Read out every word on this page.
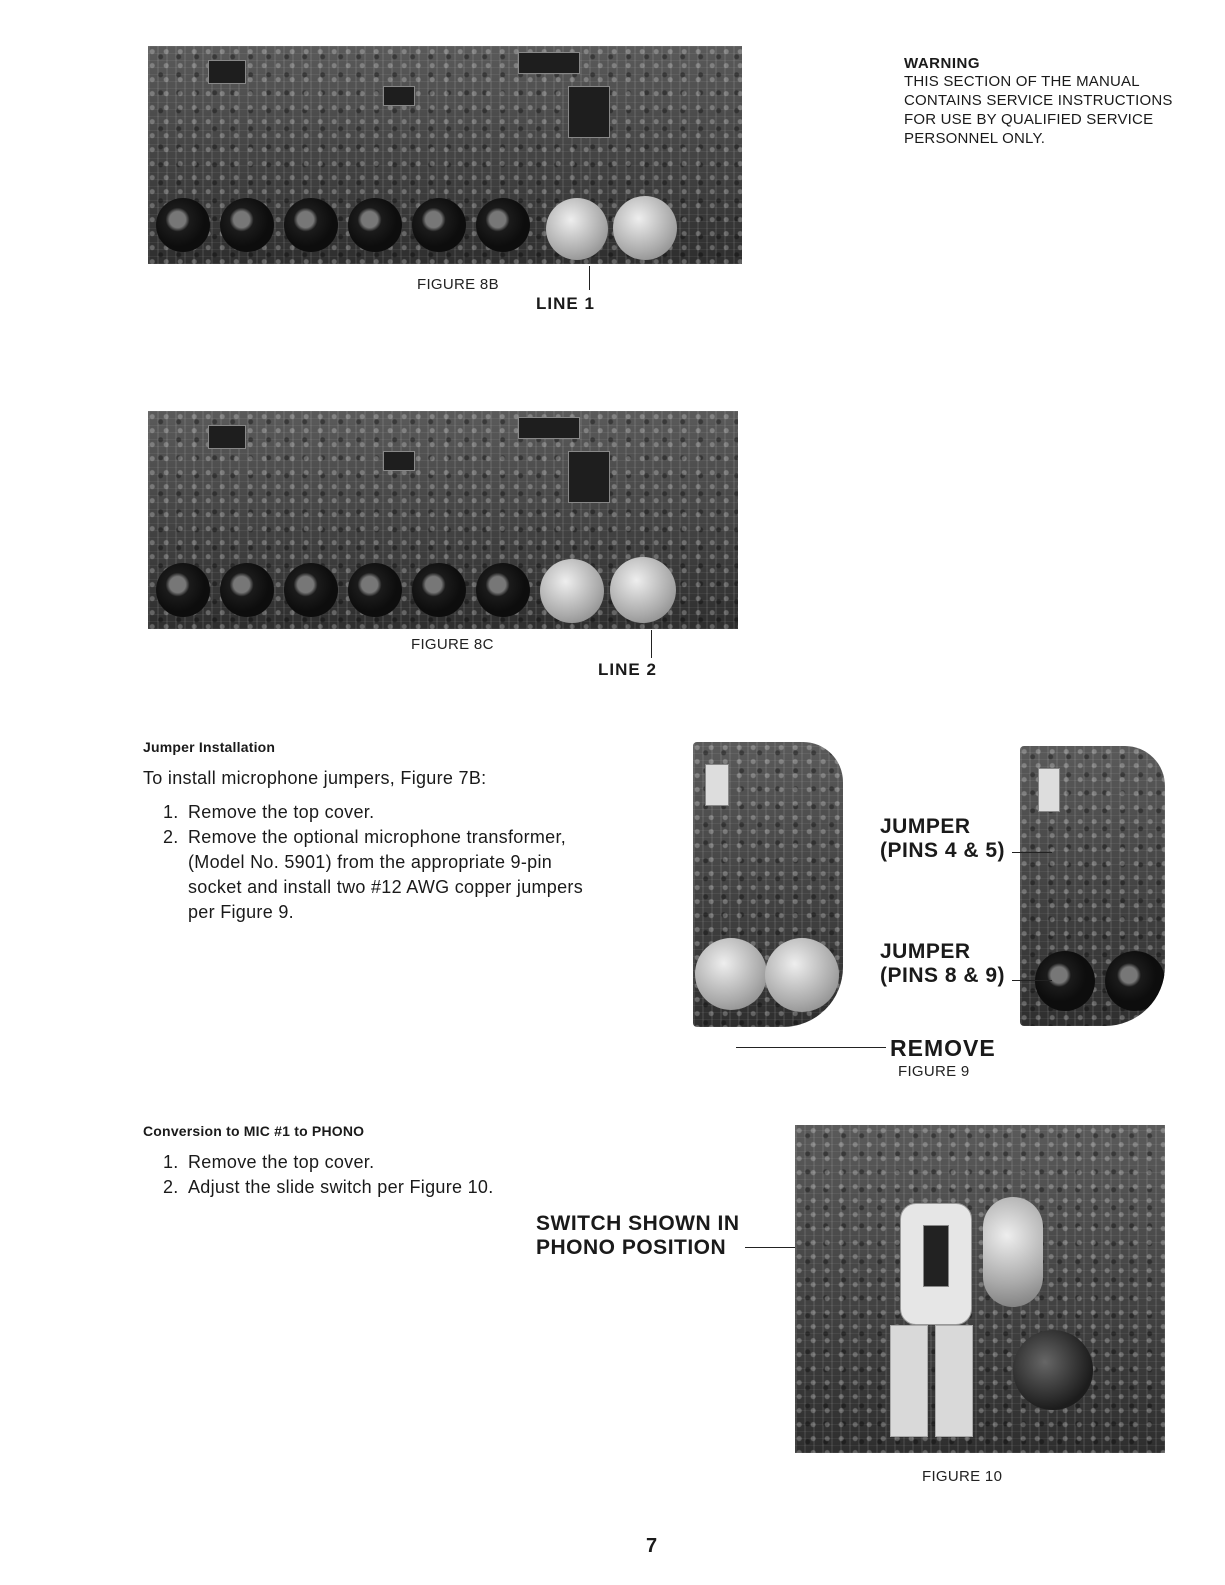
WARNING
THIS SECTION OF THE MANUAL
CONTAINS SERVICE INSTRUCTIONS
FOR USE BY QUALIFIED SERVICE
PERSONNEL ONLY.
FIGURE 8B
LINE 1
FIGURE 8C
LINE 2
Jumper Installation
To install microphone jumpers, Figure 7B:
1. Remove the top cover.
2. Remove the optional microphone transformer,
(Model No. 5901) from the appropriate 9-pin
socket and install two #12 AWG copper jumpers
per Figure 9.
JUMPER
(PINS 4 & 5)
JUMPER
(PINS 8 & 9)
REMOVE
FIGURE 9
Conversion to MIC #1 to PHONO
1. Remove the top cover.
2. Adjust the slide switch per Figure 10.
SWITCH SHOWN IN
PHONO POSITION
FIGURE 10
7
